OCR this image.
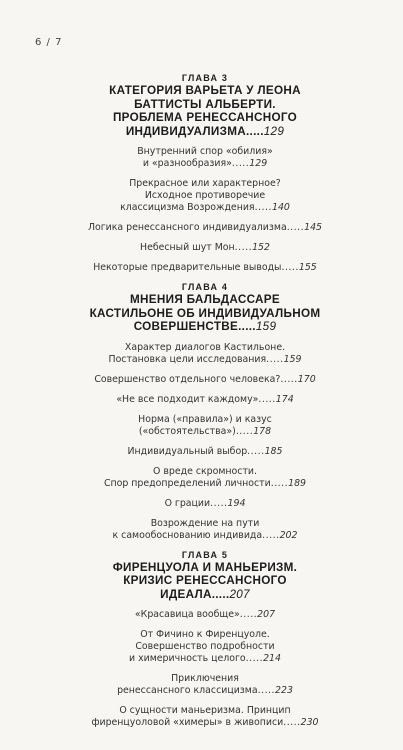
6 / 7
ГЛАВА 3
КАТЕГОРИЯ ВАРЬЕТА У ЛЕОНА
БАТТИСТЫ АЛЬБЕРТИ.
ПРОБЛЕМА РЕНЕССАНСНОГО
ИНДИВИДУАЛИЗМА.....129
Внутренний спор «обилия»
и «разнообразия».....129
Прекрасное или характерное?
Исходное противоречие
классицизма Возрождения.....140
Логика ренессансного индивидуализма.....145
Небесный шут Мон.....152
Некоторые предварительные выводы.....155
ГЛАВА 4
МНЕНИЯ БАЛЬДАССАРЕ
КАСТИЛЬОНЕ ОБ ИНДИВИДУАЛЬНОМ
СОВЕРШЕНСТВЕ.....159
Характер диалогов Кастильоне.
Постановка цели исследования.....159
Совершенство отдельного человека?.....170
«Не все подходит каждому».....174
Норма («правила») и казус
(«обстоятельства»).....178
Индивидуальный выбор.....185
О вреде скромности.
Спор предопределений личности.....189
О грации.....194
Возрождение на пути
к самообоснованию индивида.....202
ГЛАВА 5
ФИРЕНЦУОЛА И МАНЬЕРИЗМ.
КРИЗИС РЕНЕССАНСНОГО
ИДЕАЛА.....207
«Красавица вообще».....207
От Фичино к Фиренцуоле.
Совершенство подробности
и химеричность целого.....214
Приключения
ренессансного классицизма.....223
О сущности маньеризма. Принцип
фиренцуоловой «химеры» в живописи.....230
